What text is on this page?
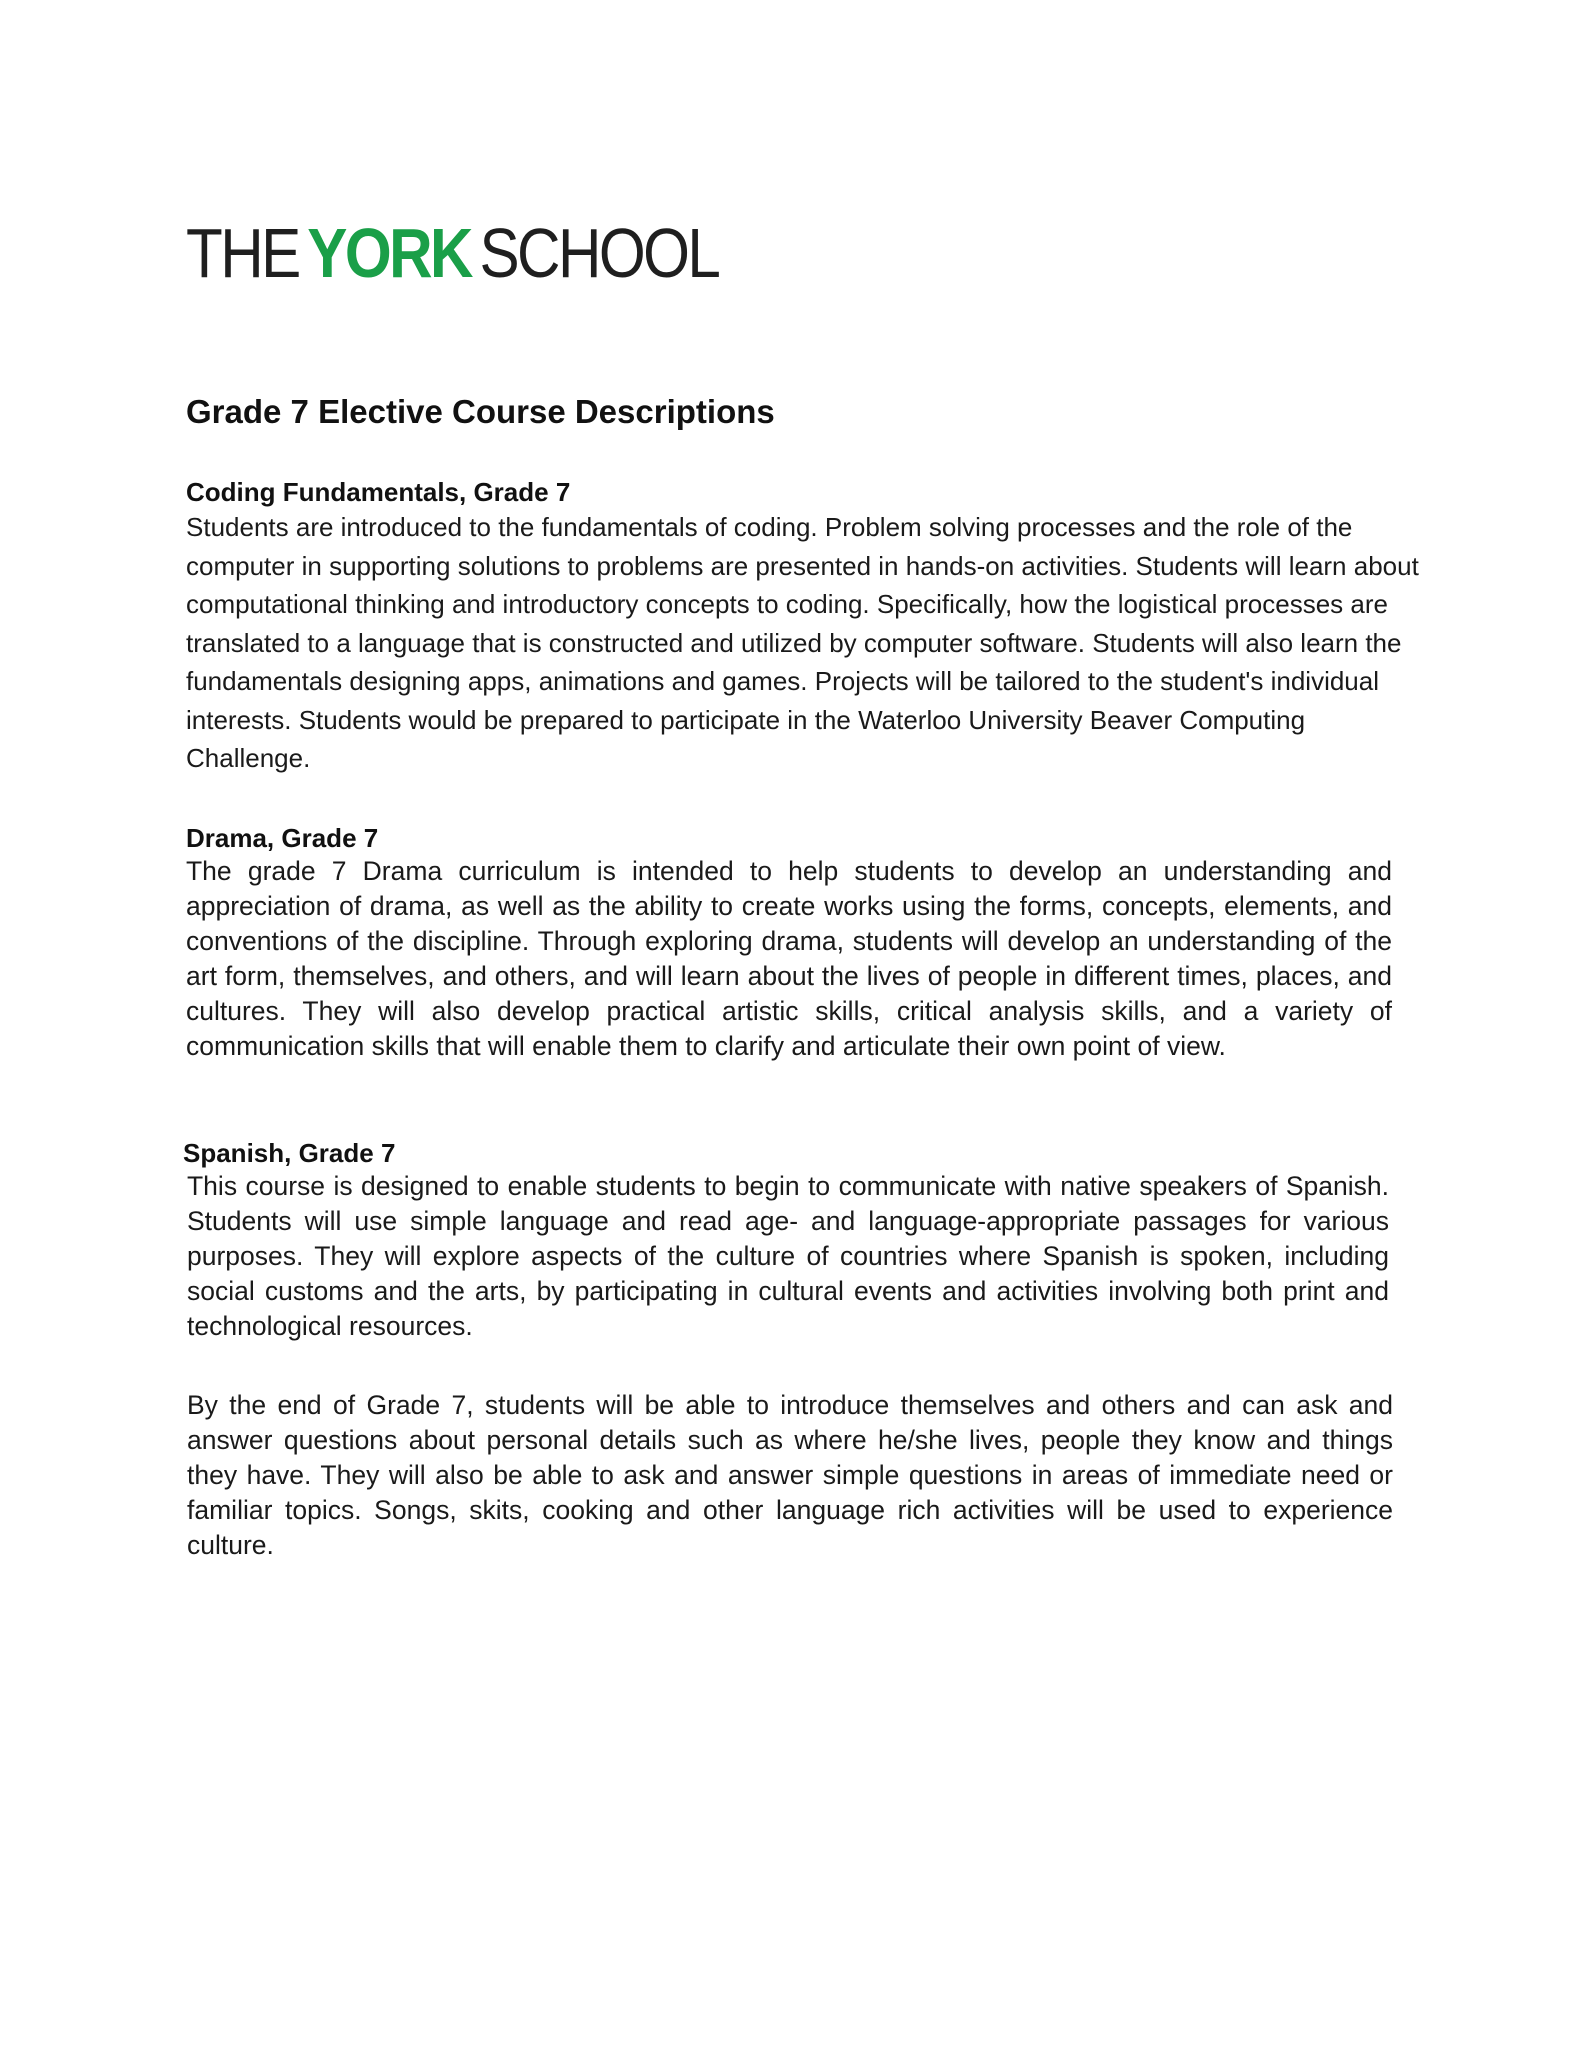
THE YORK SCHOOL
Grade 7 Elective Course Descriptions
Coding Fundamentals, Grade 7

Students are introduced to the fundamentals of coding. Problem solving processes and the role of the computer in supporting solutions to problems are presented in hands-on activities. Students will learn about computational thinking and introductory concepts to coding. Specifically, how the logistical processes are translated to a language that is constructed and utilized by computer software. Students will also learn the fundamentals designing apps, animations and games. Projects will be tailored to the student's individual interests. Students would be prepared to participate in the Waterloo University Beaver Computing Challenge.

Drama, Grade 7

The grade 7 Drama curriculum is intended to help students to develop an understanding and appreciation of drama, as well as the ability to create works using the forms, concepts, elements, and conventions of the discipline. Through exploring drama, students will develop an understanding of the art form, themselves, and others, and will learn about the lives of people in different times, places, and cultures. They will also develop practical artistic skills, critical analysis skills, and a variety of communication skills that will enable them to clarify and articulate their own point of view.

Spanish, Grade 7

This course is designed to enable students to begin to communicate with native speakers of Spanish. Students will use simple language and read age- and language-appropriate passages for various purposes. They will explore aspects of the culture of countries where Spanish is spoken, including social customs and the arts, by participating in cultural events and activities involving both print and technological resources.

By the end of Grade 7, students will be able to introduce themselves and others and can ask and answer questions about personal details such as where he/she lives, people they know and things they have. They will also be able to ask and answer simple questions in areas of immediate need or familiar topics. Songs, skits, cooking and other language rich activities will be used to experience culture.
